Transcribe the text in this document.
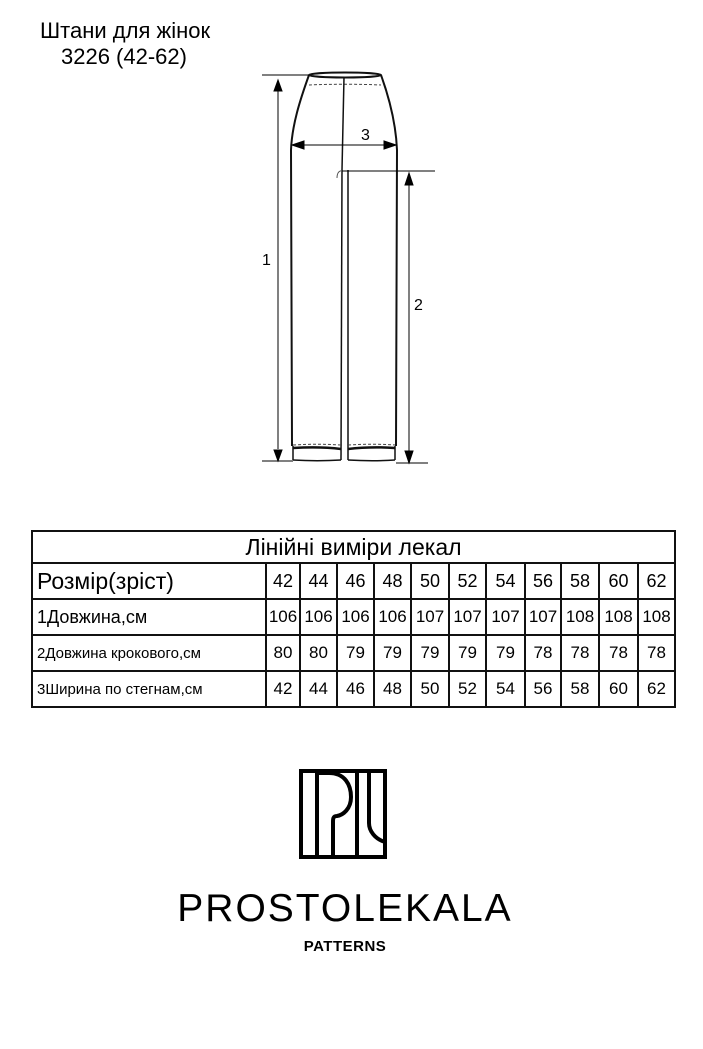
Штани для жінок
3226 (42-62)
1
2
3
Лінійні виміри лекал											
Розмір(зріст)	42	44	46	48	50	52	54	56	58	60	62
1Довжина,см	106	106	106	106	107	107	107	107	108	108	108
2Довжина крокового,см	80	80	79	79	79	79	79	78	78	78	78
3Ширина по стегнам,см	42	44	46	48	50	52	54	56	58	60	62
PROSTOLEKALA
PATTERNS
